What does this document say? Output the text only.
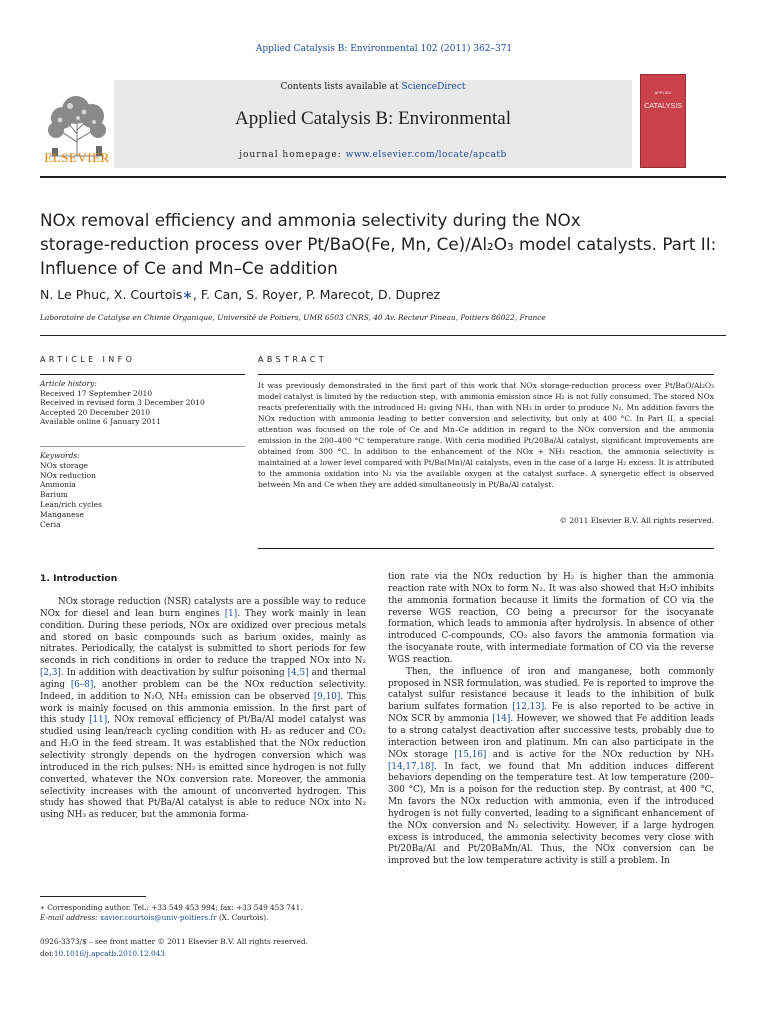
Applied Catalysis B: Environmental 102 (2011) 362–371
Contents lists available at ScienceDirect
Applied Catalysis B: Environmental
journal homepage: www.elsevier.com/locate/apcatb
ELSEVIER
APPLIED
CATALYSIS
NOx removal efficiency and ammonia selectivity during the NOx
storage-reduction process over Pt/BaO(Fe, Mn, Ce)/Al₂O₃ model catalysts. Part II:
Influence of Ce and Mn–Ce addition
N. Le Phuc, X. Courtois∗, F. Can, S. Royer, P. Marecot, D. Duprez
Laboratoire de Catalyse en Chimie Organique, Université de Poitiers, UMR 6503 CNRS, 40 Av. Recteur Pineau, Poitiers 86022, France
ARTICLE INFO	ABSTRACT
Article history:
Received 17 September 2010
Received in revised form 3 December 2010
Accepted 20 December 2010
Available online 6 January 2011
Keywords:
NOx storage
NOx reduction
Ammonia
Barium
Lean/rich cycles
Manganese
Ceria
It was previously demonstrated in the first part of this work that NOx storage-reduction process over Pt/BaO/Al₂O₃ model catalyst is limited by the reduction step, with ammonia emission since H₂ is not fully consumed. The stored NOx reacts preferentially with the introduced H₂ giving NH₃, than with NH₃ in order to produce N₂. Mn addition favors the NOx reduction with ammonia leading to better conversion and selectivity, but only at 400 °C. In Part II, a special attention was focused on the role of Ce and Mn–Ce addition in regard to the NOx conversion and the ammonia emission in the 200–400 °C temperature range. With ceria modified Pt/20Ba/Al catalyst, significant improvements are obtained from 300 °C. In addition to the enhancement of the NOx + NH₃ reaction, the ammonia selectivity is maintained at a lower level compared with Pt/Ba(Mn)/Al catalysts, even in the case of a large H₂ excess. It is attributed to the ammonia oxidation into N₂ via the available oxygen at the catalyst surface. A synergetic effect is observed between Mn and Ce when they are added simultaneously in Pt/Ba/Al catalyst.
© 2011 Elsevier B.V. All rights reserved.
1. Introduction

NOx storage reduction (NSR) catalysts are a possible way to reduce NOx for diesel and lean burn engines [1]. They work mainly in lean condition. During these periods, NOx are oxidized over precious metals and stored on basic compounds such as barium oxides, mainly as nitrates. Periodically, the catalyst is submitted to short periods for few seconds in rich conditions in order to reduce the trapped NOx into N₂ [2,3]. In addition with deactivation by sulfur poisoning [4,5] and thermal aging [6–8], another problem can be the NOx reduction selectivity. Indeed, in addition to N₂O, NH₃ emission can be observed [9,10]. This work is mainly focused on this ammonia emission. In the first part of this study [11], NOx removal efficiency of Pt/Ba/Al model catalyst was studied using lean/reach cycling condition with H₂ as reducer and CO₂ and H₂O in the feed stream. It was established that the NOx reduction selectivity strongly depends on the hydrogen conversion which was introduced in the rich pulses: NH₃ is emitted since hydrogen is not fully converted, whatever the NOx conversion rate. Moreover, the ammonia selectivity increases with the amount of unconverted hydrogen. This study has showed that Pt/Ba/Al catalyst is able to reduce NOx into N₂ using NH₃ as reducer, but the ammonia forma-

tion rate via the NOx reduction by H₂ is higher than the ammonia reaction rate with NOx to form N₂. It was also showed that H₂O inhibits the ammonia formation because it limits the formation of CO via the reverse WGS reaction, CO being a precursor for the isocyanate formation, which leads to ammonia after hydrolysis. In absence of other introduced C-compounds, CO₂ also favors the ammonia formation via the isocyanate route, with intermediate formation of CO via the reverse WGS reaction.

Then, the influence of iron and manganese, both commonly proposed in NSR formulation, was studied. Fe is reported to improve the catalyst sulfur resistance because it leads to the inhibition of bulk barium sulfates formation [12,13]. Fe is also reported to be active in NOx SCR by ammonia [14]. However, we showed that Fe addition leads to a strong catalyst deactivation after successive tests, probably due to interaction between iron and platinum. Mn can also participate in the NOx storage [15,16] and is active for the NOx reduction by NH₃ [14,17,18]. In fact, we found that Mn addition induces different behaviors depending on the temperature test. At low temperature (200–300 °C), Mn is a poison for the reduction step. By contrast, at 400 °C, Mn favors the NOx reduction with ammonia, even if the introduced hydrogen is not fully converted, leading to a significant enhancement of the NOx conversion and N₂ selectivity. However, if a large hydrogen excess is introduced, the ammonia selectivity becomes very close with Pt/20Ba/Al and Pt/20BaMn/Al. Thus, the NOx conversion can be improved but the low temperature activity is still a problem. In

∗ Corresponding author. Tel.: +33 549 453 994; fax: +33 549 453 741.
E-mail address: xavier.courtois@univ-poitiers.fr (X. Courtois).
0926-3373/$ – see front matter © 2011 Elsevier B.V. All rights reserved.
doi:10.1016/j.apcatb.2010.12.043
